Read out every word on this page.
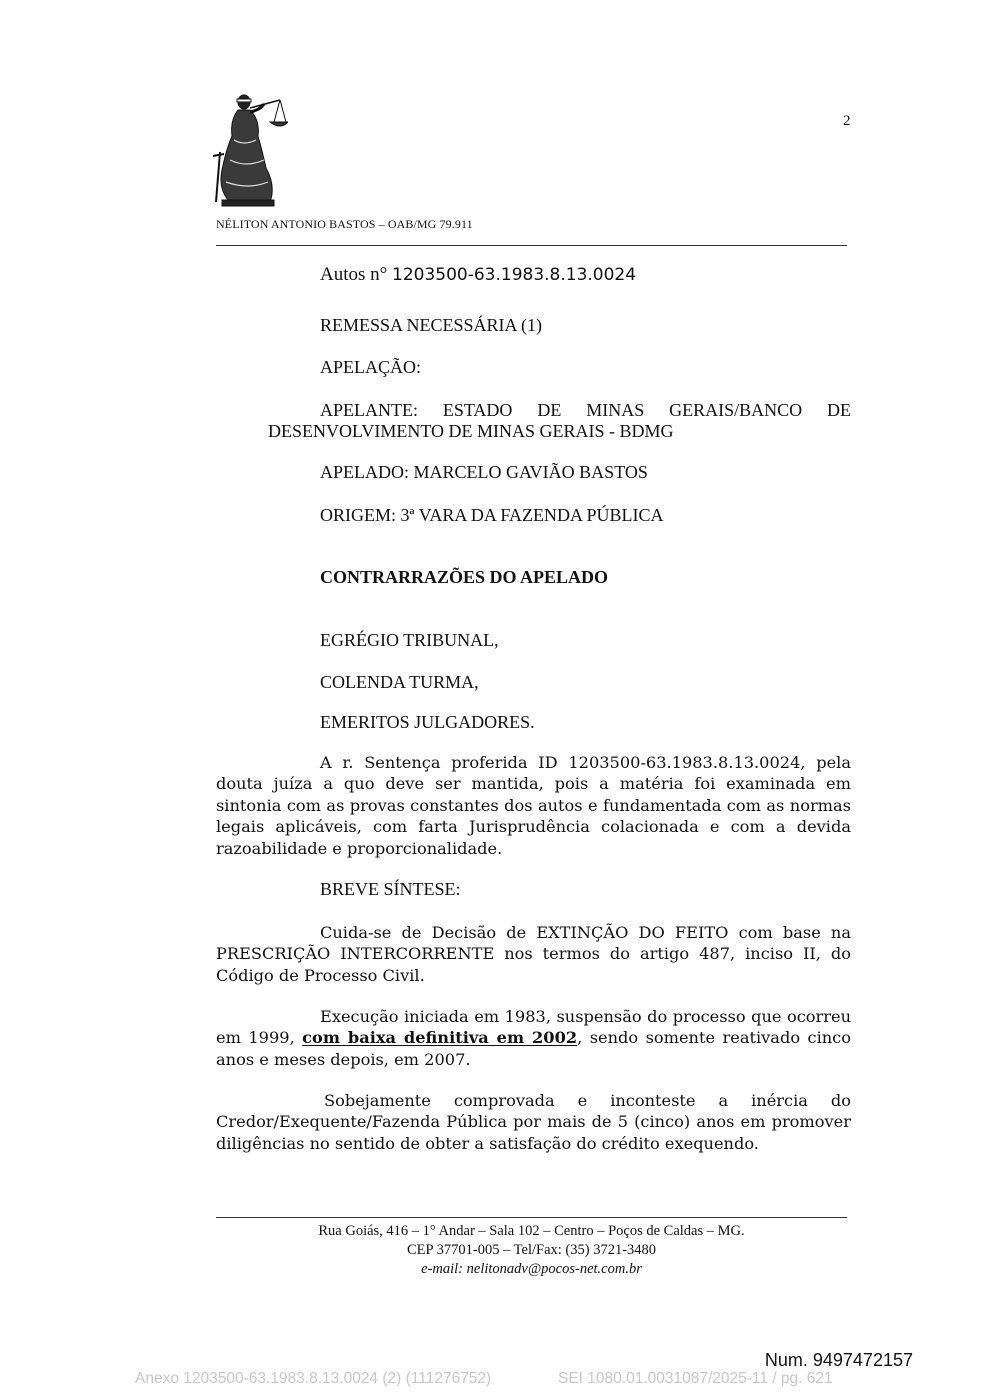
2
NÉLITON ANTONIO BASTOS – OAB/MG 79.911
Autos n° 1203500-63.1983.8.13.0024
REMESSA NECESSÁRIA (1)
APELAÇÃO:
APELANTE: ESTADO DE MINAS GERAIS/BANCO DE
DESENVOLVIMENTO DE MINAS GERAIS - BDMG
APELADO: MARCELO GAVIÃO BASTOS
ORIGEM: 3ª VARA DA FAZENDA PÚBLICA
CONTRARRAZÕES DO APELADO
EGRÉGIO TRIBUNAL,
COLENDA TURMA,
EMERITOS JULGADORES.
A r. Sentença proferida ID 1203500-63.1983.8.13.0024, pela douta juíza a quo deve ser mantida, pois a matéria foi examinada em sintonia com as provas constantes dos autos e fundamentada com as normas legais aplicáveis, com farta Jurisprudência colacionada e com a devida razoabilidade e proporcionalidade.
BREVE SÍNTESE:
Cuida-se de Decisão de EXTINÇÃO DO FEITO com base na PRESCRIÇÃO INTERCORRENTE nos termos do artigo 487, inciso II, do Código de Processo Civil.
Execução iniciada em 1983, suspensão do processo que ocorreu em 1999, com baixa definitiva em 2002, sendo somente reativado cinco anos e meses depois, em 2007.
Sobejamente comprovada e inconteste a inércia do Credor/Exequente/Fazenda Pública por mais de 5 (cinco) anos em promover diligências no sentido de obter a satisfação do crédito exequendo.
Rua Goiás, 416 – 1° Andar – Sala 102 – Centro – Poços de Caldas – MG.
CEP 37701-005 – Tel/Fax: (35) 3721-3480
e-mail: nelitonadv@pocos-net.com.br
Num. 9497472157
Anexo 1203500-63.1983.8.13.0024 (2) (111276752)	SEI 1080.01.0031087/2025-11 / pg. 621
